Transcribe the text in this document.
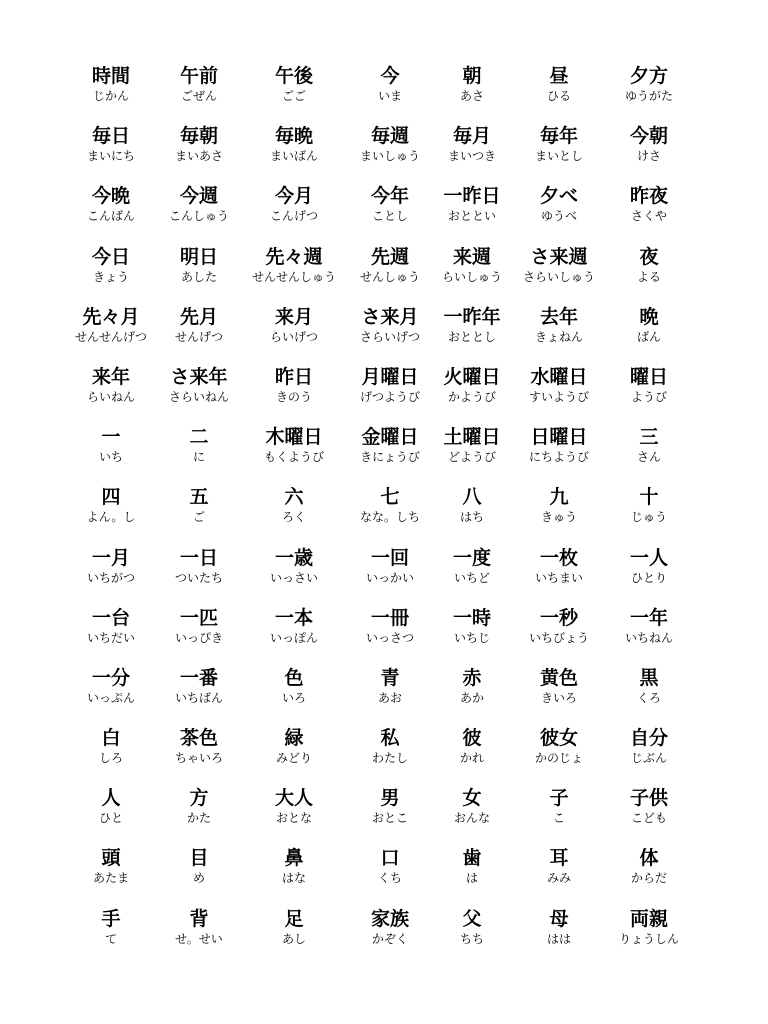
時間
じかん
午前
ごぜん
午後
ごご
今
いま
朝
あさ
昼
ひる
夕方
ゆうがた
毎日
まいにち
毎朝
まいあさ
毎晩
まいばん
毎週
まいしゅう
毎月
まいつき
毎年
まいとし
今朝
けさ
今晩
こんばん
今週
こんしゅう
今月
こんげつ
今年
ことし
一昨日
おととい
夕べ
ゆうべ
昨夜
さくや
今日
きょう
明日
あした
先々週
せんせんしゅう
先週
せんしゅう
来週
らいしゅう
さ来週
さらいしゅう
夜
よる
先々月
せんせんげつ
先月
せんげつ
来月
らいげつ
さ来月
さらいげつ
一昨年
おととし
去年
きょねん
晩
ばん
来年
らいねん
さ来年
さらいねん
昨日
きのう
月曜日
げつようび
火曜日
かようび
水曜日
すいようび
曜日
ようび
一
いち
二
に
木曜日
もくようび
金曜日
きにょうび
土曜日
どようび
日曜日
にちようび
三
さん
四
よん。し
五
ご
六
ろく
七
なな。しち
八
はち
九
きゅう
十
じゅう
一月
いちがつ
一日
ついたち
一歳
いっさい
一回
いっかい
一度
いちど
一枚
いちまい
一人
ひとり
一台
いちだい
一匹
いっぴき
一本
いっぽん
一冊
いっさつ
一時
いちじ
一秒
いちびょう
一年
いちねん
一分
いっぷん
一番
いちばん
色
いろ
青
あお
赤
あか
黄色
きいろ
黒
くろ
白
しろ
茶色
ちゃいろ
緑
みどり
私
わたし
彼
かれ
彼女
かのじょ
自分
じぶん
人
ひと
方
かた
大人
おとな
男
おとこ
女
おんな
子
こ
子供
こども
頭
あたま
目
め
鼻
はな
口
くち
歯
は
耳
みみ
体
からだ
手
て
背
せ。せい
足
あし
家族
かぞく
父
ちち
母
はは
両親
りょうしん
